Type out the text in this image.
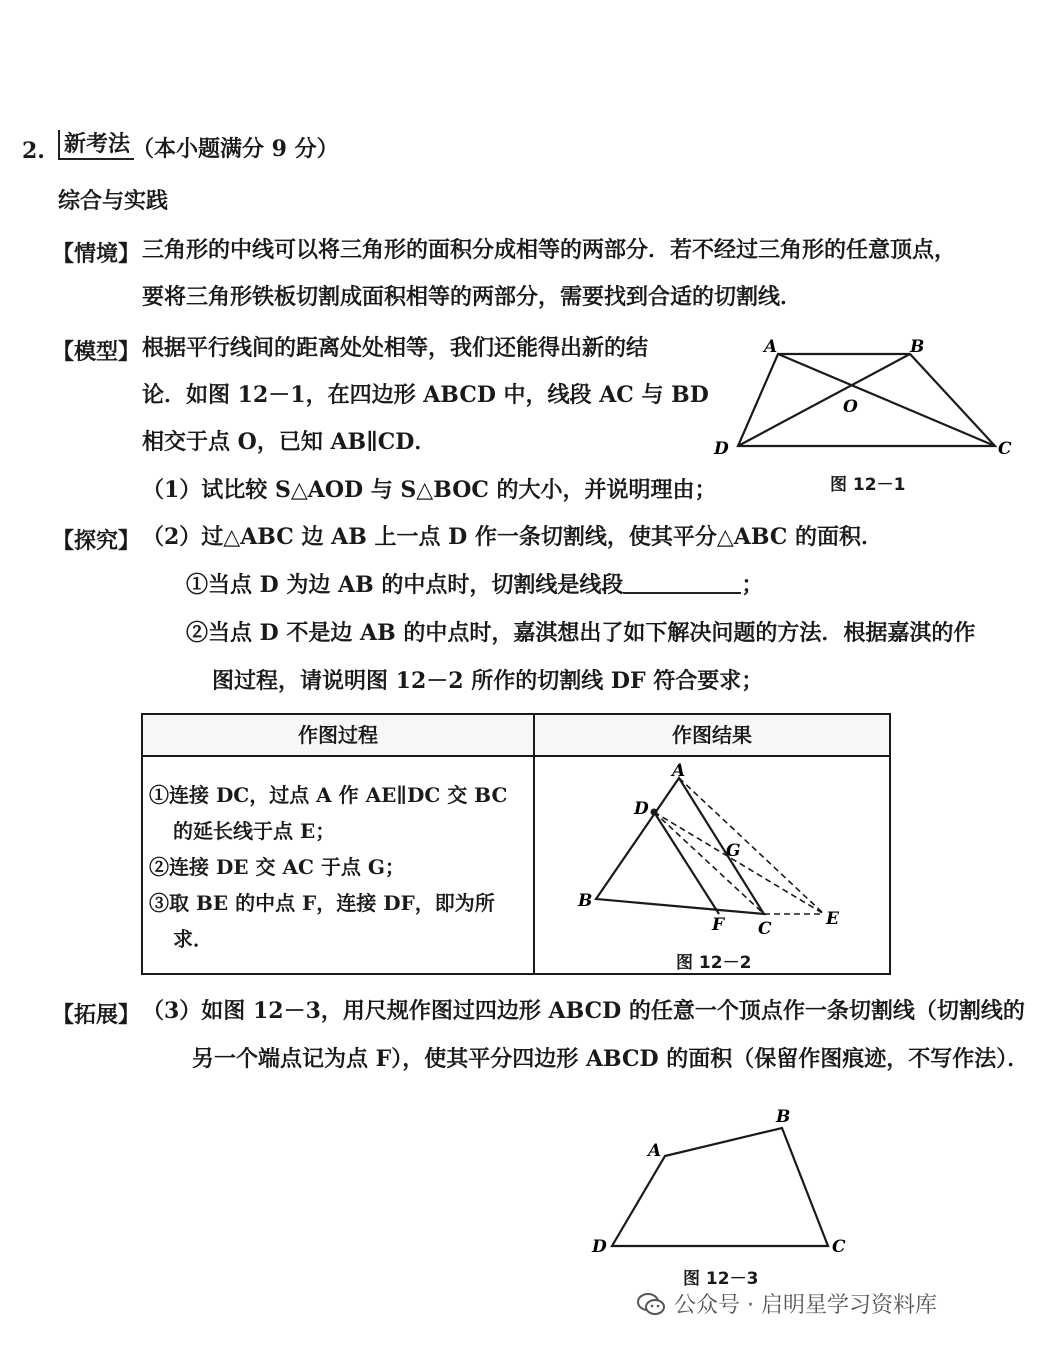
2. 新考法 （本小题满分 9 分）
综合与实践
【情境】 三角形的中线可以将三角形的面积分成相等的两部分．若不经过三角形的任意顶点，
要将三角形铁板切割成面积相等的两部分，需要找到合适的切割线．
【模型】 根据平行线间的距离处处相等，我们还能得出新的结
论．如图 12－1，在四边形 ABCD 中，线段 AC 与 BD
相交于点 O，已知 AB∥CD．
（1）试比较 S△AOD 与 S△BOC 的大小，并说明理由；
A	B
C
D
O
图 12－1
【探究】 （2）过△ABC 边 AB 上一点 D 作一条切割线，使其平分△ABC 的面积．
①当点 D 为边 AB 的中点时，切割线是线段	；
②当点 D 不是边 AB 的中点时，嘉淇想出了如下解决问题的方法．根据嘉淇的作
图过程，请说明图 12－2 所作的切割线 DF 符合要求；
作图过程	作图结果
①连接 DC，过点 A 作 AE∥DC 交 BC
的延长线于点 E；
②连接 DE 交 AC 于点 G；
③取 BE 的中点 F，连接 DF，即为所
求．
A
B
C
D
E
F
G
图 12－2
【拓展】 （3）如图 12－3，用尺规作图过四边形 ABCD 的任意一个顶点作一条切割线（切割线的
另一个端点记为点 F），使其平分四边形 ABCD 的面积（保留作图痕迹，不写作法）．
A
B
C
D
图 12－3
公众号 · 启明星学习资料库
